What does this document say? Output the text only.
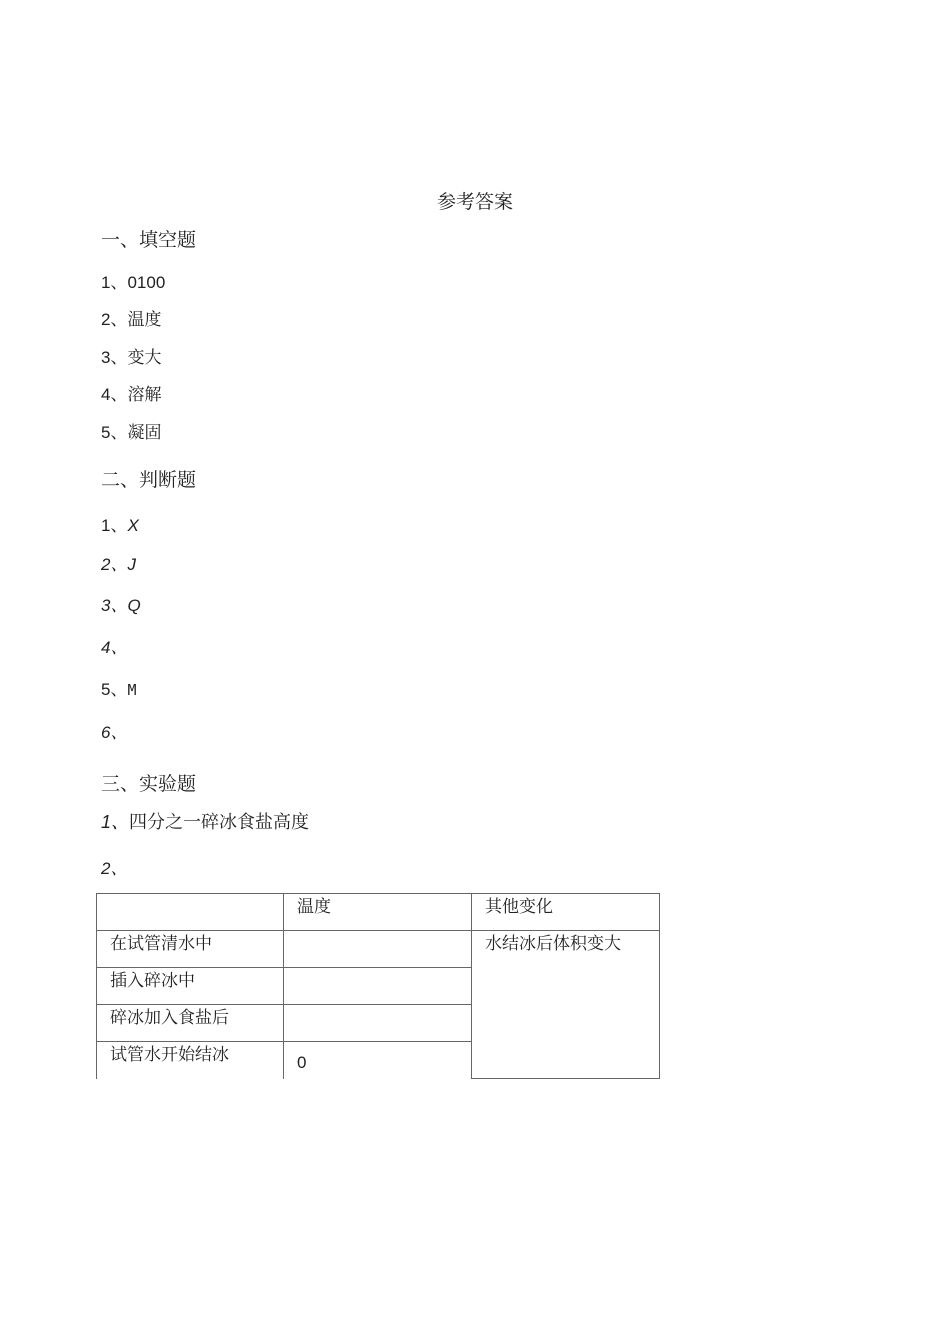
参考答案
一、填空题
1、0100
2、温度
3、变大
4、溶解
5、凝固
二、判断题
1、X
2、J
3、Q
4、
5、M
6、
三、实验题
1、四分之一碎冰食盐高度
2、
	温度	其他变化
在试管清水中		水结冰后体积变大
插入碎冰中		
碎冰加入食盐后		
试管水开始结冰	0	
